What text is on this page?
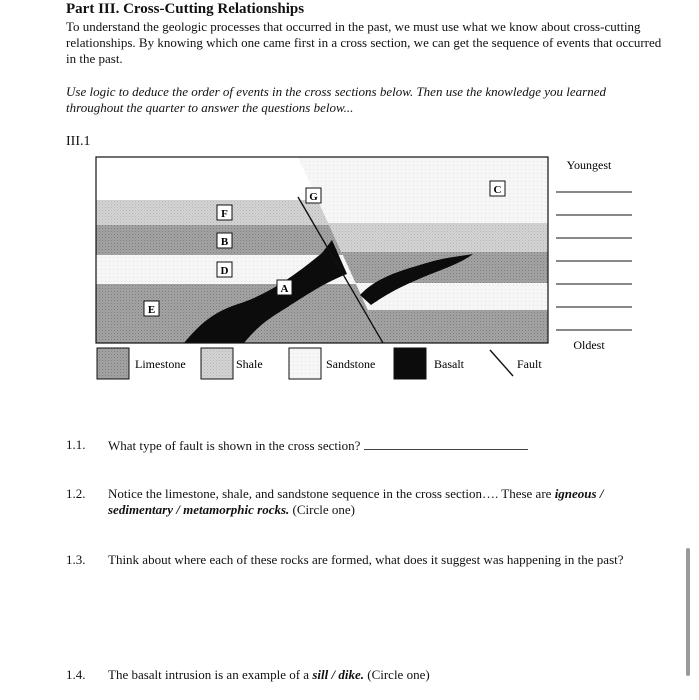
Part III. Cross-Cutting Relationships
To understand the geologic processes that occurred in the past, we must use what we know about cross-cutting relationships. By knowing which one came first in a cross section, we can get the sequence of events that occurred in the past.
Use logic to deduce the order of events in the cross sections below. Then use the knowledge you learned throughout the quarter to answer the questions below...
III.1
G
C
F
B
D
A
E
Youngest
Oldest
Limestone	Shale	Sandstone	Basalt	Fault
1.1. What type of fault is shown in the cross section?
1.2. Notice the limestone, shale, and sandstone sequence in the cross section…. These are igneous / sedimentary / metamorphic rocks. (Circle one)
1.3. Think about where each of these rocks are formed, what does it suggest was happening in the past?
1.4. The basalt intrusion is an example of a sill / dike. (Circle one)
